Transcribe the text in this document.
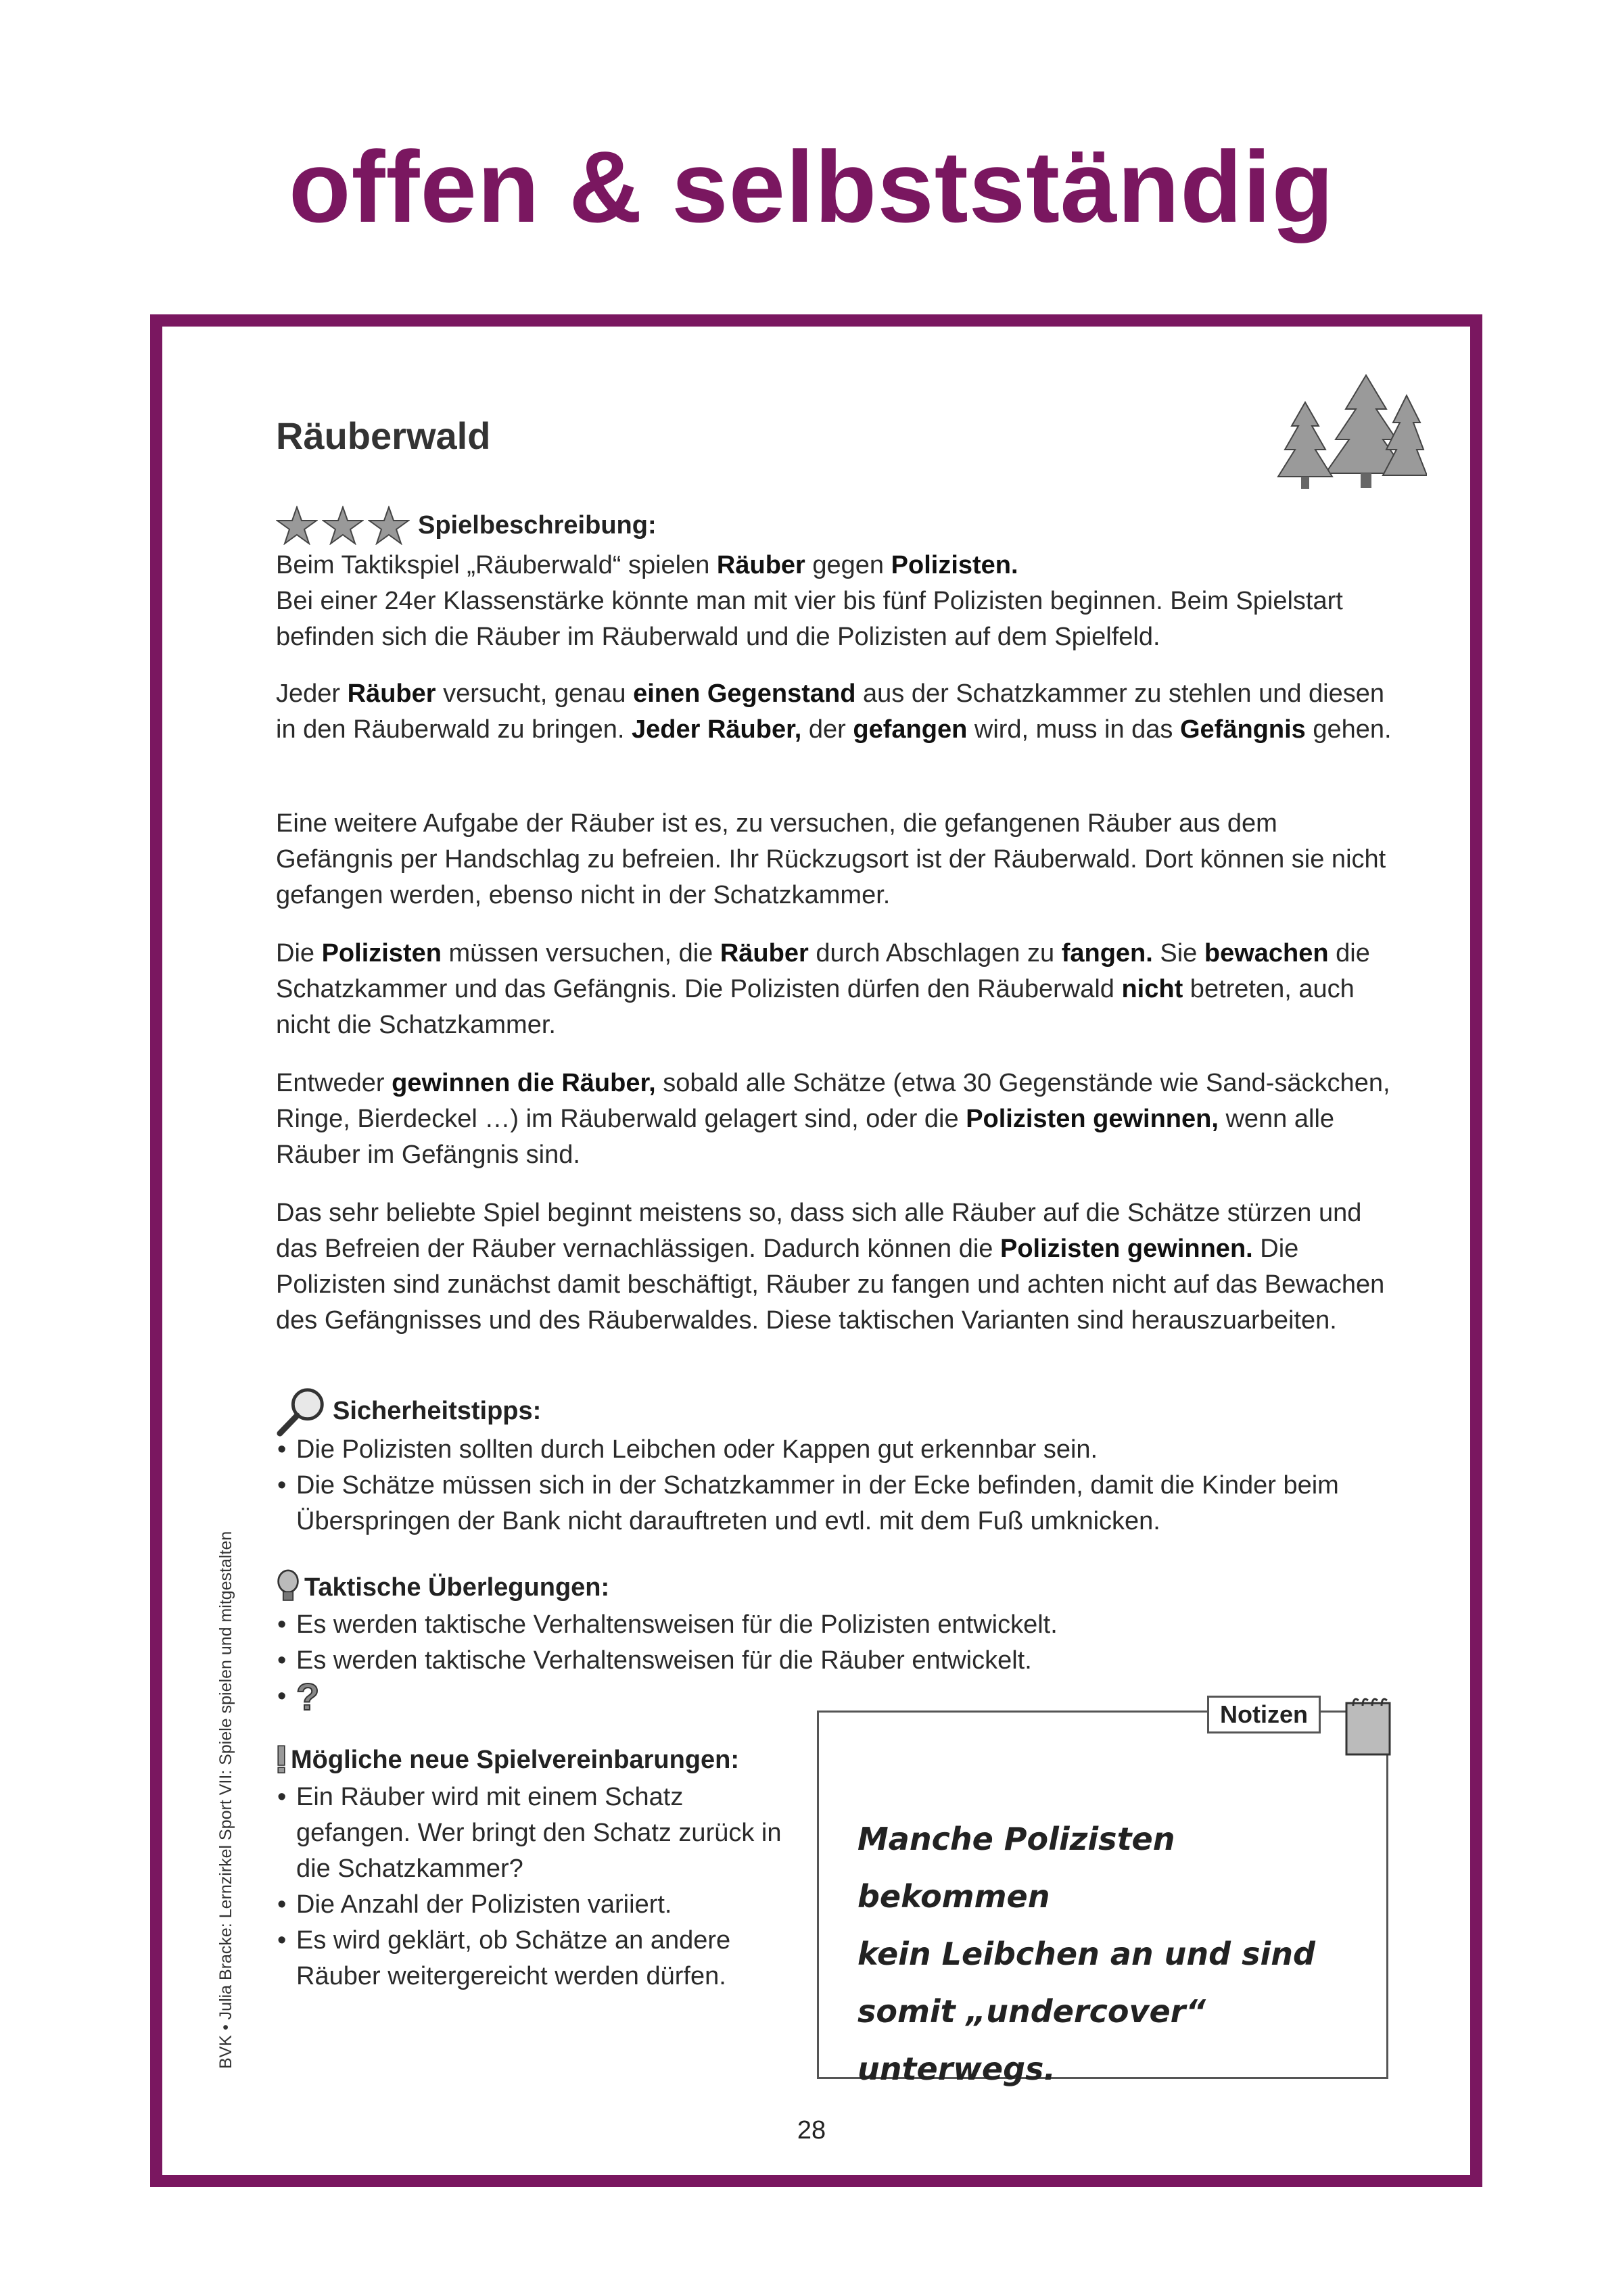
offen & selbstständig
BVK • Julia Bracke: Lernzirkel Sport VII: Spiele spielen und mitgestalten
Räuberwald
Spielbeschreibung:
Beim Taktikspiel „Räuberwald“ spielen Räuber gegen Polizisten.
Bei einer 24er Klassenstärke könnte man mit vier bis fünf Polizisten beginnen. Beim Spielstart befinden sich die Räuber im Räuberwald und die Polizisten auf dem Spielfeld.
Jeder Räuber versucht, genau einen Gegenstand aus der Schatzkammer zu stehlen und diesen in den Räuberwald zu bringen. Jeder Räuber, der gefangen wird, muss in das Gefängnis gehen.
Eine weitere Aufgabe der Räuber ist es, zu versuchen, die gefangenen Räuber aus dem Gefängnis per Handschlag zu befreien. Ihr Rückzugsort ist der Räuberwald. Dort können sie nicht gefangen werden, ebenso nicht in der Schatzkammer.
Die Polizisten müssen versuchen, die Räuber durch Abschlagen zu fangen. Sie bewachen die Schatzkammer und das Gefängnis. Die Polizisten dürfen den Räuberwald nicht betreten, auch nicht die Schatzkammer.
Entweder gewinnen die Räuber, sobald alle Schätze (etwa 30 Gegenstände wie Sand-säckchen, Ringe, Bierdeckel …) im Räuberwald gelagert sind, oder die Polizisten gewinnen, wenn alle Räuber im Gefängnis sind.
Das sehr beliebte Spiel beginnt meistens so, dass sich alle Räuber auf die Schätze stürzen und das Befreien der Räuber vernachlässigen. Dadurch können die Polizisten gewinnen. Die Polizisten sind zunächst damit beschäftigt, Räuber zu fangen und achten nicht auf das Bewachen des Gefängnisses und des Räuberwaldes. Diese taktischen Varianten sind herauszuarbeiten.
Sicherheitstipps:
• Die Polizisten sollten durch Leibchen oder Kappen gut erkennbar sein.
• Die Schätze müssen sich in der Schatzkammer in der Ecke befinden, damit die Kinder beim Überspringen der Bank nicht darauftreten und evtl. mit dem Fuß umknicken.
Taktische Überlegungen:
• Es werden taktische Verhaltensweisen für die Polizisten entwickelt.
• Es werden taktische Verhaltensweisen für die Räuber entwickelt.
• ?
Mögliche neue Spielvereinbarungen:
• Ein Räuber wird mit einem Schatz gefangen. Wer bringt den Schatz zurück in die Schatzkammer?
• Die Anzahl der Polizisten variiert.
• Es wird geklärt, ob Schätze an andere Räuber weitergereicht werden dürfen.
Notizen
Manche Polizisten bekommen
kein Leibchen an und sind
somit „undercover“ unterwegs.
28
